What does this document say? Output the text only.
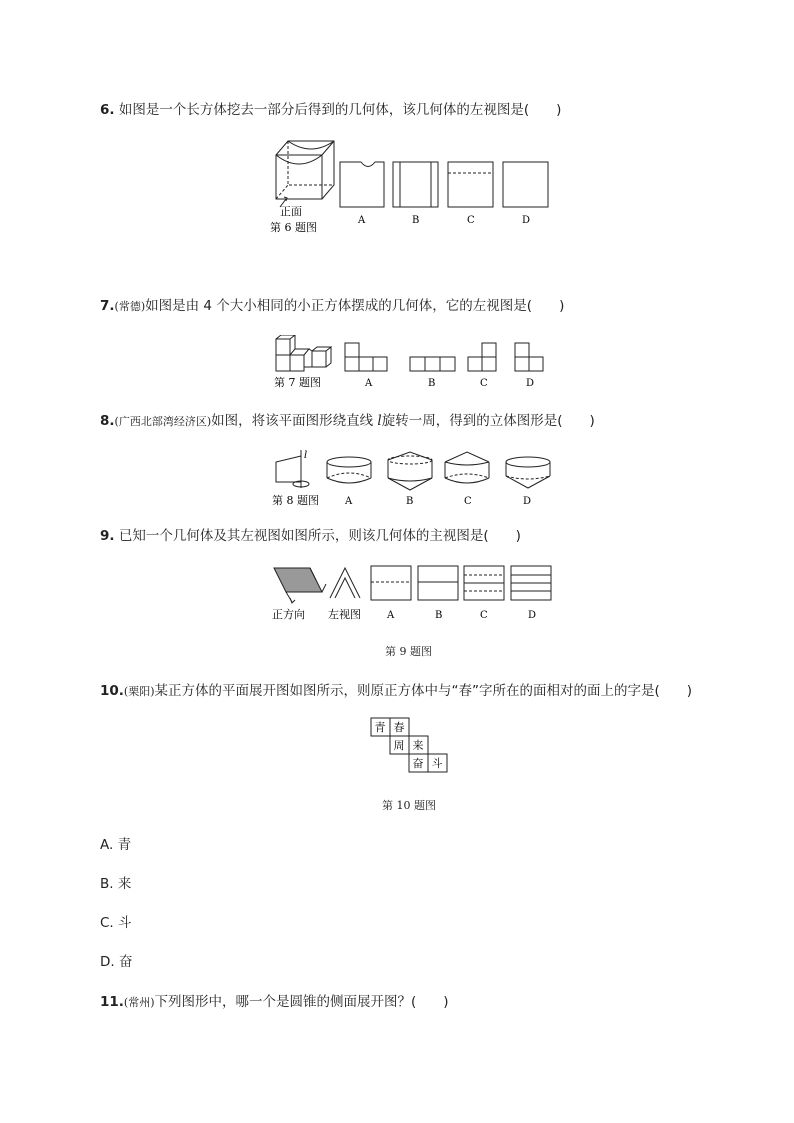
6. 如图是一个长方体挖去一部分后得到的几何体，该几何体的左视图是(　　)
正面
第 6 题图
A	B	C	D
7.(常德)如图是由 4 个大小相同的小正方体摆成的几何体，它的左视图是(　　)
第 7 题图	A	B	C	D
8.(广西北部湾经济区)如图，将该平面图形绕直线 l旋转一周，得到的立体图形是(　　)
l
第 8 题图	A	B	C	D
9. 已知一个几何体及其左视图如图所示，则该几何体的主视图是(　　)
正方向 左视图	A	B	C	D
第 9 题图
10.(栗阳)某正方体的平面展开图如图所示，则原正方体中与“春”字所在的面相对的面上的字是(　　)
青 春
周 来
奋 斗
第 10 题图
A. 青
B. 来
C. 斗
D. 奋
11.(常州)下列图形中，哪一个是圆锥的侧面展开图？(　　)
